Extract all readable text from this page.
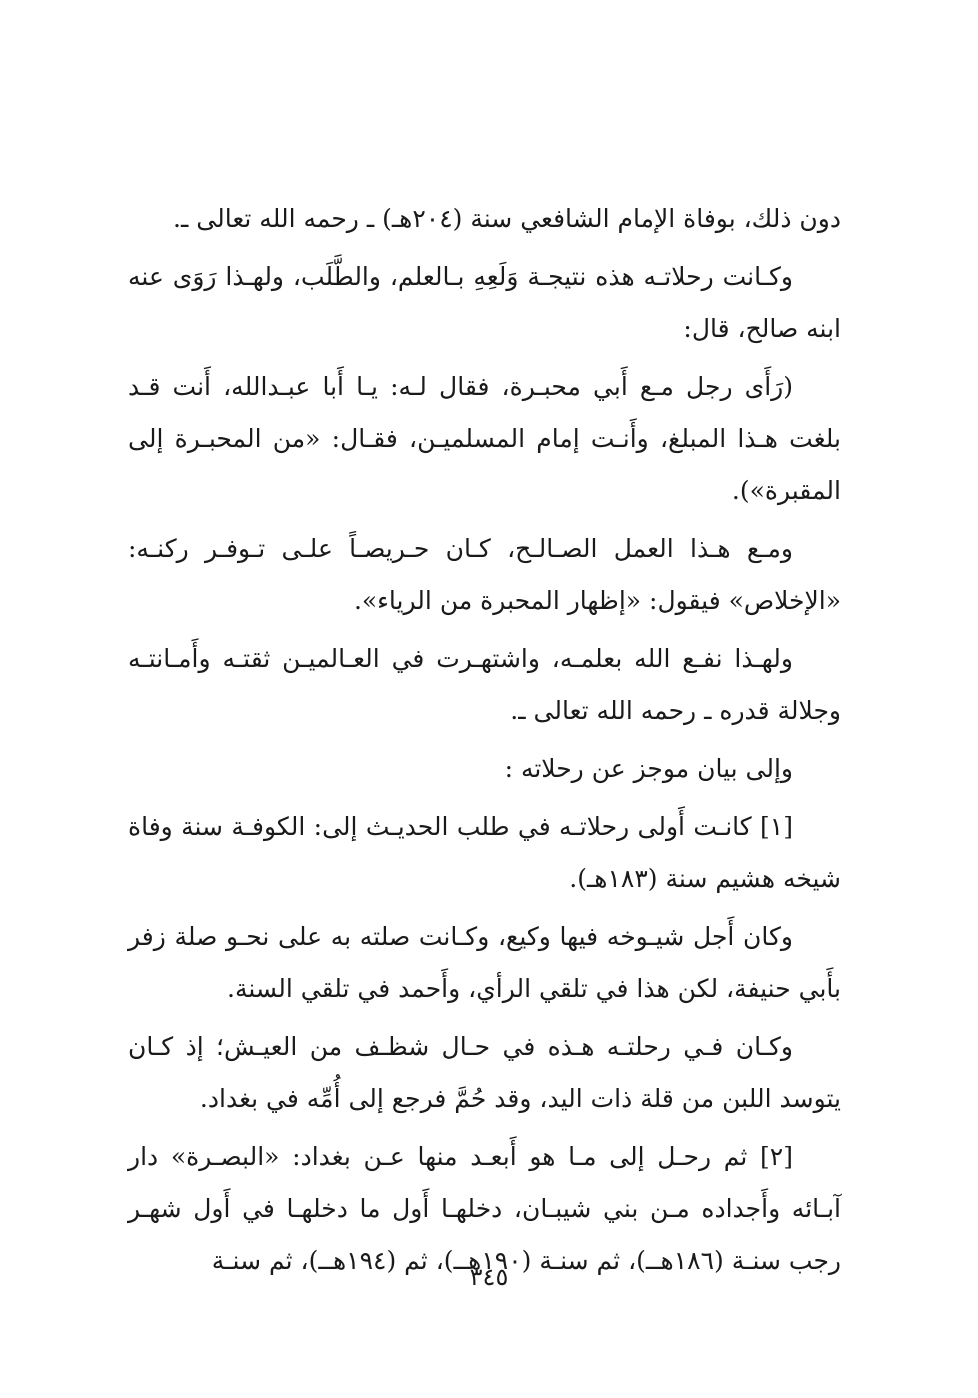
دون ذلك، بوفاة الإمام الشافعي سنة (٢٠٤هـ) ـ رحمه الله تعالى ـ.

وكـانت رحلاتـه هذه نتيجـة وَلَعِهِ بـالعلم، والطَّلَب، ولهـذا رَوَى عنه ابنه صالح، قال:

(رَأَى رجل مـع أَبي محبـرة، فقال لـه: يـا أَبا عبـدالله، أَنت قـد بلغت هـذا المبلغ، وأَنـت إمام المسلميـن، فقـال: «من المحبـرة إلى المقبرة»).

ومـع هـذا العمل الصـالـح، كـان حـريصـاً علـى تـوفـر ركنـه: «الإخلاص» فيقول: «إظهار المحبرة من الرياء».

ولهـذا نفـع الله بعلمـه، واشتهـرت في العـالميـن ثقتـه وأَمـانتـه وجلالة قدره ـ رحمه الله تعالى ـ.

وإلى بيان موجز عن رحلاته :

[١] كانـت أَولى رحلاتـه في طلب الحديـث إلى: الكوفـة سنة وفاة شيخه هشيم سنة (١٨٣هـ).

وكان أَجل شيـوخه فيها وكيع، وكـانت صلته به على نحـو صلة زفر بأَبي حنيفة، لكن هذا في تلقي الرأي، وأَحمد في تلقي السنة.

وكـان فـي رحلتـه هـذه في حـال شظـف من العيـش؛ إذ كـان يتوسد اللبن من قلة ذات اليد، وقد حُمَّ فرجع إلى أُمِّه في بغداد.

[٢] ثم رحـل إلى مـا هو أَبعـد منها عـن بغداد: «البصـرة» دار آبـائه وأَجداده مـن بني شيبـان، دخلهـا أَول ما دخلهـا في أَول شهـر رجب سنـة (١٨٦هــ)، ثم سنـة (١٩٠هــ)، ثم (١٩٤هــ)، ثم سنـة

٣٤٥
